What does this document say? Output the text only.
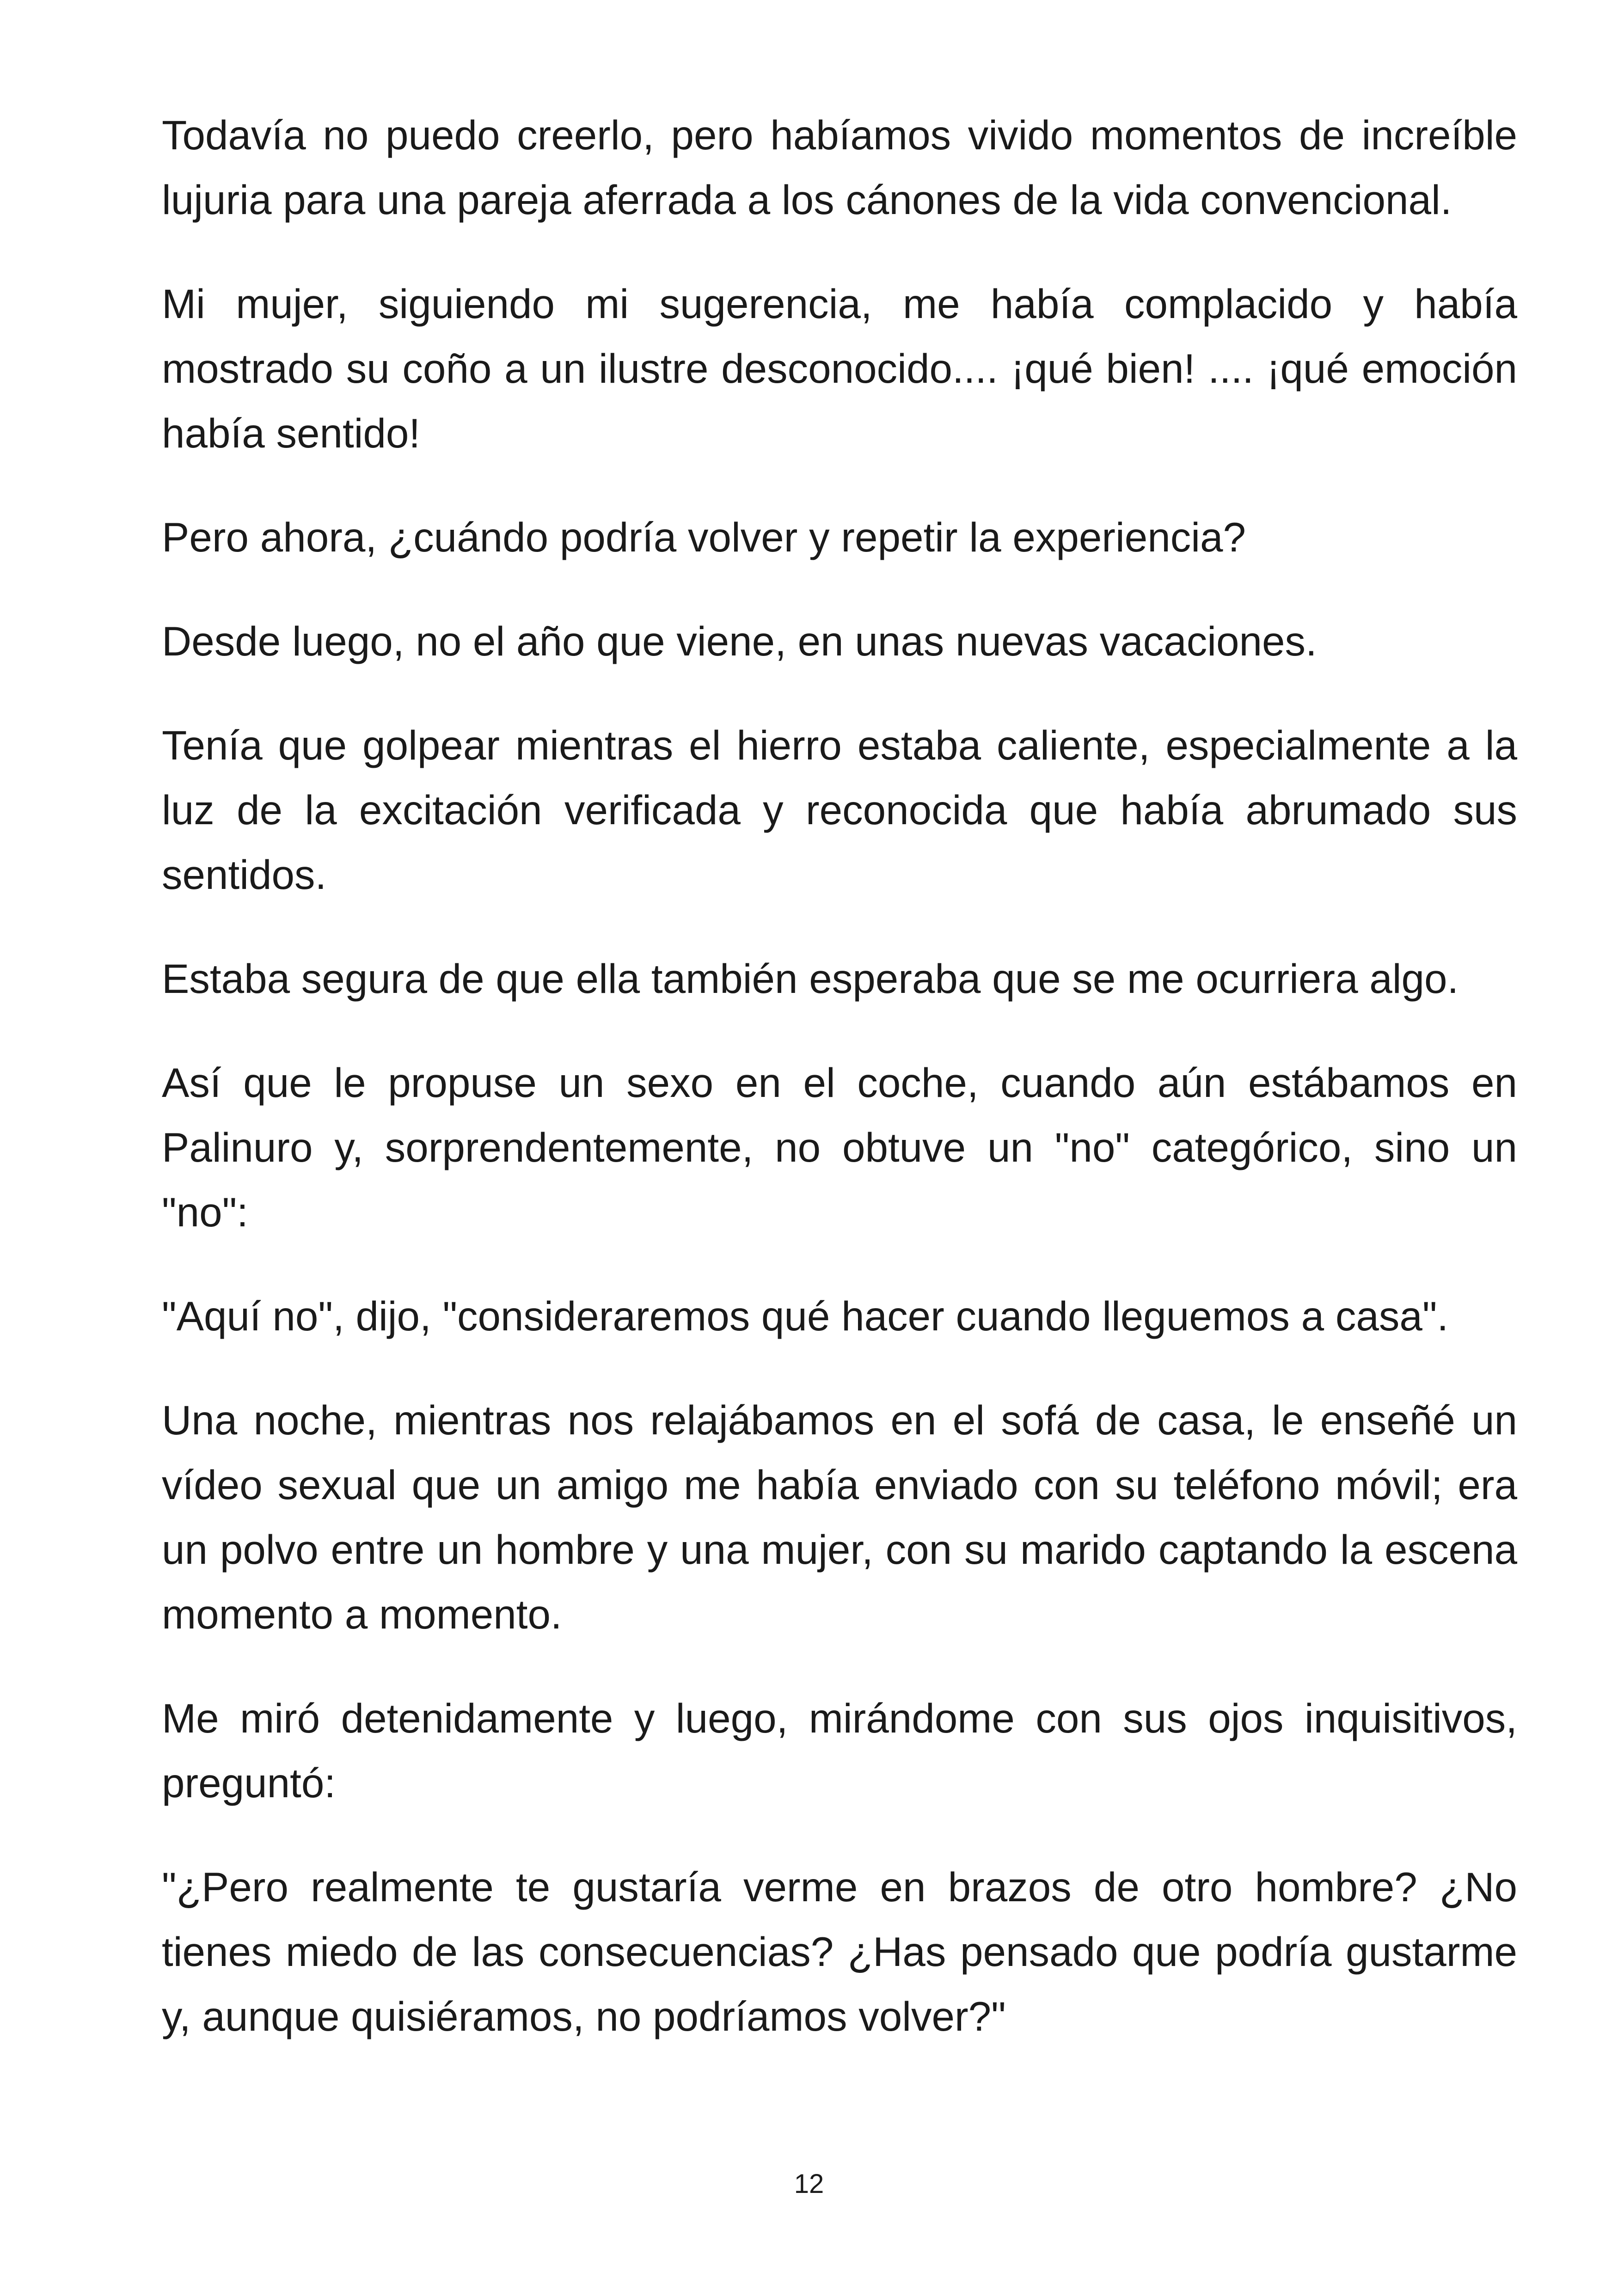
Todavía no puedo creerlo, pero habíamos vivido momentos de increíble lujuria para una pareja aferrada a los cánones de la vida convencional.

Mi mujer, siguiendo mi sugerencia, me había complacido y había mostrado su coño a un ilustre desconocido.... ¡qué bien! .... ¡qué emoción había sentido!

Pero ahora, ¿cuándo podría volver y repetir la experiencia?

Desde luego, no el año que viene, en unas nuevas vacaciones.

Tenía que golpear mientras el hierro estaba caliente, especialmente a la luz de la excitación verificada y reconocida que había abrumado sus sentidos.

Estaba segura de que ella también esperaba que se me ocurriera algo.

Así que le propuse un sexo en el coche, cuando aún estábamos en Palinuro y, sorprendentemente, no obtuve un "no" categórico, sino un "no":

"Aquí no", dijo, "consideraremos qué hacer cuando lleguemos a casa".

Una noche, mientras nos relajábamos en el sofá de casa, le enseñé un vídeo sexual que un amigo me había enviado con su teléfono móvil; era un polvo entre un hombre y una mujer, con su marido captando la escena momento a momento.

Me miró detenidamente y luego, mirándome con sus ojos inquisitivos, preguntó:

"¿Pero realmente te gustaría verme en brazos de otro hombre? ¿No tienes miedo de las consecuencias? ¿Has pensado que podría gustarme y, aunque quisiéramos, no podríamos volver?"

12
